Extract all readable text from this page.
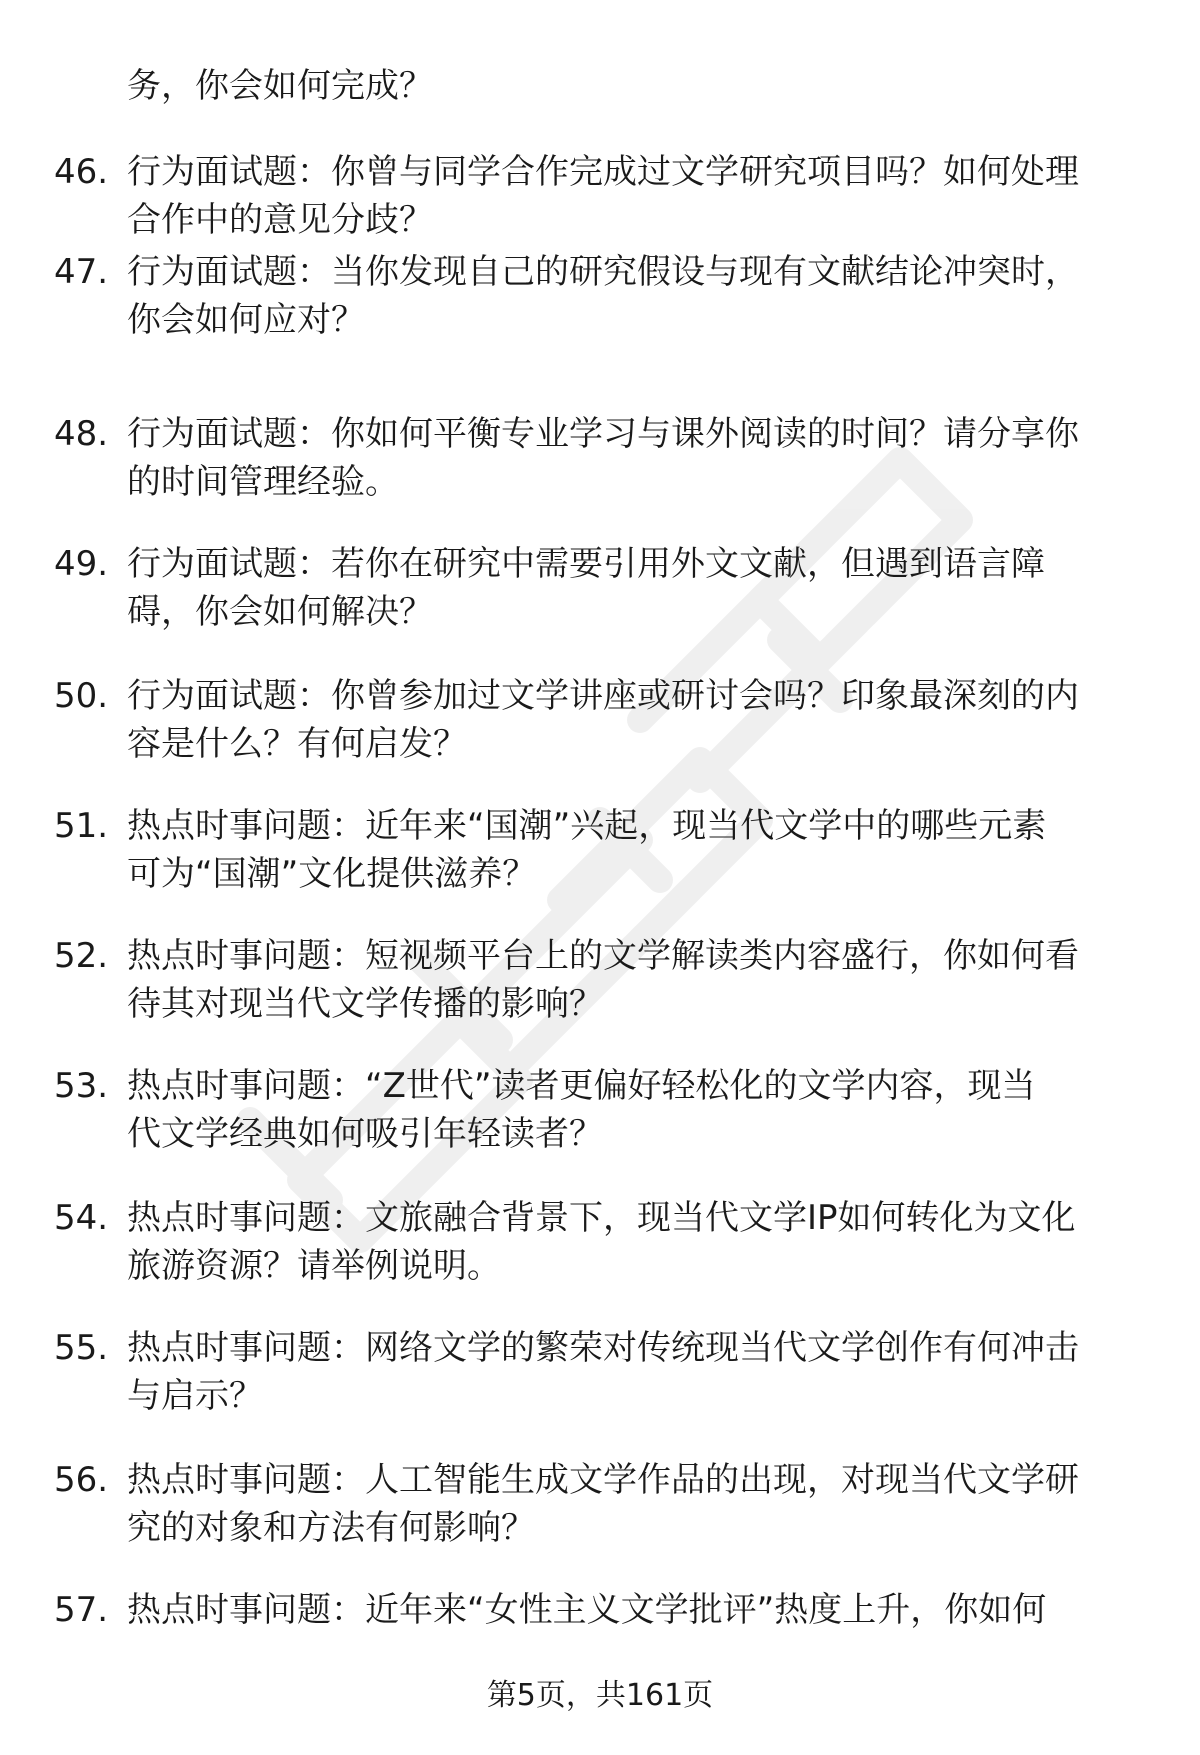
务，你会如何完成？
46. 行为面试题：你曾与同学合作完成过文学研究项目吗？如何处理
合作中的意见分歧？
47. 行为面试题：当你发现自己的研究假设与现有文献结论冲突时，
你会如何应对？
48. 行为面试题：你如何平衡专业学习与课外阅读的时间？请分享你
的时间管理经验。
49. 行为面试题：若你在研究中需要引用外文文献，但遇到语言障
碍，你会如何解决？
50. 行为面试题：你曾参加过文学讲座或研讨会吗？印象最深刻的内
容是什么？有何启发？
51. 热点时事问题：近年来“国潮”兴起，现当代文学中的哪些元素
可为“国潮”文化提供滋养？
52. 热点时事问题：短视频平台上的文学解读类内容盛行，你如何看
待其对现当代文学传播的影响？
53. 热点时事问题：“Z世代”读者更偏好轻松化的文学内容，现当
代文学经典如何吸引年轻读者？
54. 热点时事问题：文旅融合背景下，现当代文学IP如何转化为文化
旅游资源？请举例说明。
55. 热点时事问题：网络文学的繁荣对传统现当代文学创作有何冲击
与启示？
56. 热点时事问题：人工智能生成文学作品的出现，对现当代文学研
究的对象和方法有何影响？
57. 热点时事问题：近年来“女性主义文学批评”热度上升，你如何
第5页，共161页
